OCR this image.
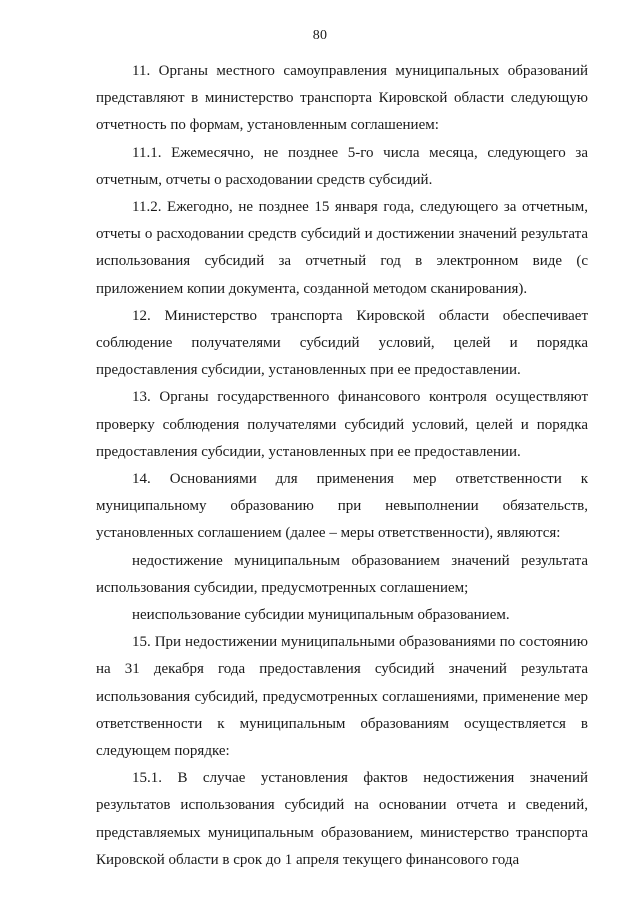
80

11. Органы местного самоуправления муниципальных образований представляют в министерство транспорта Кировской области следующую отчетность по формам, установленным соглашением:

11.1. Ежемесячно, не позднее 5-го числа месяца, следующего за отчетным, отчеты о расходовании средств субсидий.

11.2. Ежегодно, не позднее 15 января года, следующего за отчетным, отчеты о расходовании средств субсидий и достижении значений результата использования субсидий за отчетный год в электронном виде (с приложением копии документа, созданной методом сканирования).

12. Министерство транспорта Кировской области обеспечивает соблюдение получателями субсидий условий, целей и порядка предоставления субсидии, установленных при ее предоставлении.

13. Органы государственного финансового контроля осуществляют проверку соблюдения получателями субсидий условий, целей и порядка предоставления субсидии, установленных при ее предоставлении.

14. Основаниями для применения мер ответственности к муниципальному образованию при невыполнении обязательств, установленных соглашением (далее – меры ответственности), являются:

недостижение муниципальным образованием значений результата использования субсидии, предусмотренных соглашением;

неиспользование субсидии муниципальным образованием.

15. При недостижении муниципальными образованиями по состоянию на 31 декабря года предоставления субсидий значений результата использования субсидий, предусмотренных соглашениями, применение мер ответственности к муниципальным образованиям осуществляется в следующем порядке:

15.1. В случае установления фактов недостижения значений результатов использования субсидий на основании отчета и сведений, представляемых муниципальным образованием, министерство транспорта Кировской области в срок до 1 апреля текущего финансового года
